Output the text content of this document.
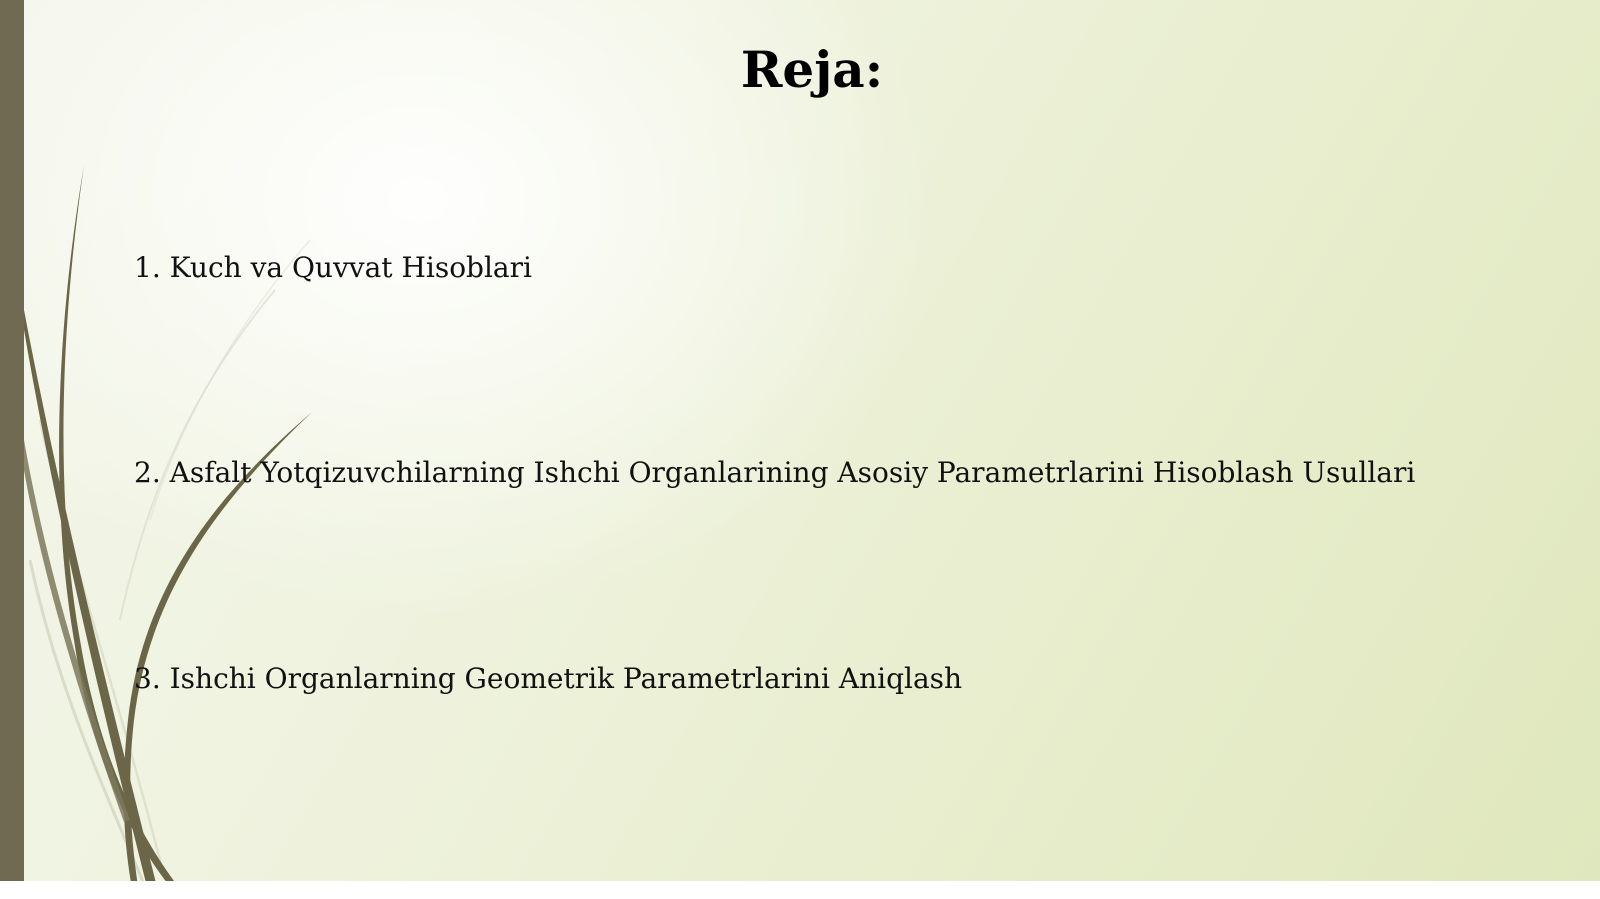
Reja:
1. Kuch va Quvvat Hisoblari
2. Asfalt Yotqizuvchilarning Ishchi Organlarining Asosiy Parametrlarini Hisoblash Usullari
3. Ishchi Organlarning Geometrik Parametrlarini Aniqlash
